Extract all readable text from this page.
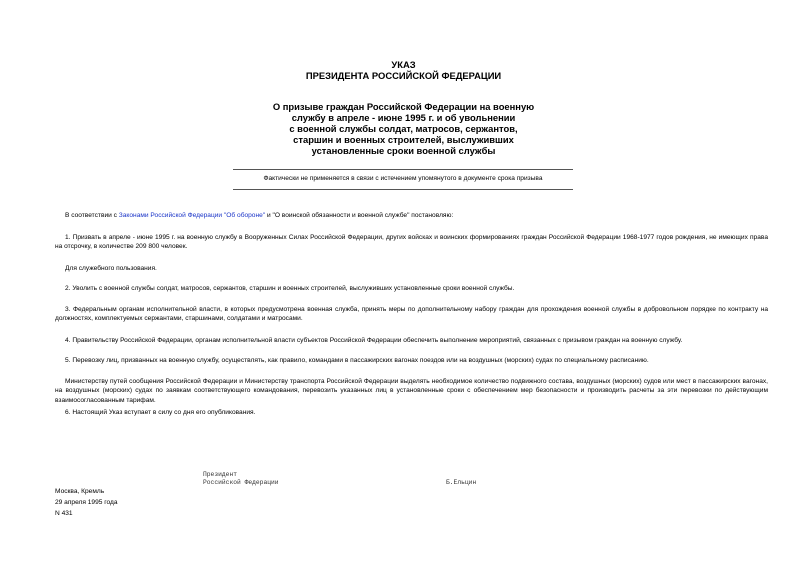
УКАЗ
ПРЕЗИДЕНТА РОССИЙСКОЙ ФЕДЕРАЦИИ
О призыве граждан Российской Федерации на военную
службу в апреле - июне 1995 г. и об увольнении
с военной службы солдат, матросов, сержантов,
старшин и военных строителей, выслуживших
установленные сроки военной службы
Фактически не применяется в связи с истечением упомянутого в документе срока призыва
В соответствии с Законами Российской Федерации "Об обороне" и "О воинской обязанности и военной службе" постановляю:
1. Призвать в апреле - июне 1995 г. на военную службу в Вооруженных Силах Российской Федерации, других войсках и воинских формированиях граждан Российской Федерации 1968-1977 годов рождения, не имеющих права на отсрочку, в количестве 209 800 человек.
Для служебного пользования.
2. Уволить с военной службы солдат, матросов, сержантов, старшин и военных строителей, выслуживших установленные сроки военной службы.
3. Федеральным органам исполнительной власти, в которых предусмотрена военная служба, принять меры по дополнительному набору граждан для прохождения военной службы в добровольном порядке по контракту на должностях, комплектуемых сержантами, старшинами, солдатами и матросами.
4. Правительству Российской Федерации, органам исполнительной власти субъектов Российской Федерации обеспечить выполнение мероприятий, связанных с призывом граждан на военную службу.
5. Перевозку лиц, призванных на военную службу, осуществлять, как правило, командами в пассажирских вагонах поездов или на воздушных (морских) судах по специальному расписанию.
Министерству путей сообщения Российской Федерации и Министерству транспорта Российской Федерации выделять необходимое количество подвижного состава, воздушных (морских) судов или мест в пассажирских вагонах, на воздушных (морских) судах по заявкам соответствующего командования, перевозить указанных лиц в установленные сроки с обеспечением мер безопасности и производить расчеты за эти перевозки по действующим взаимосогласованным тарифам.
6. Настоящий Указ вступает в силу со дня его опубликования.
Президент
Российской Федерации	Б.Ельцин
Москва, Кремль
29 апреля 1995 года
N 431
